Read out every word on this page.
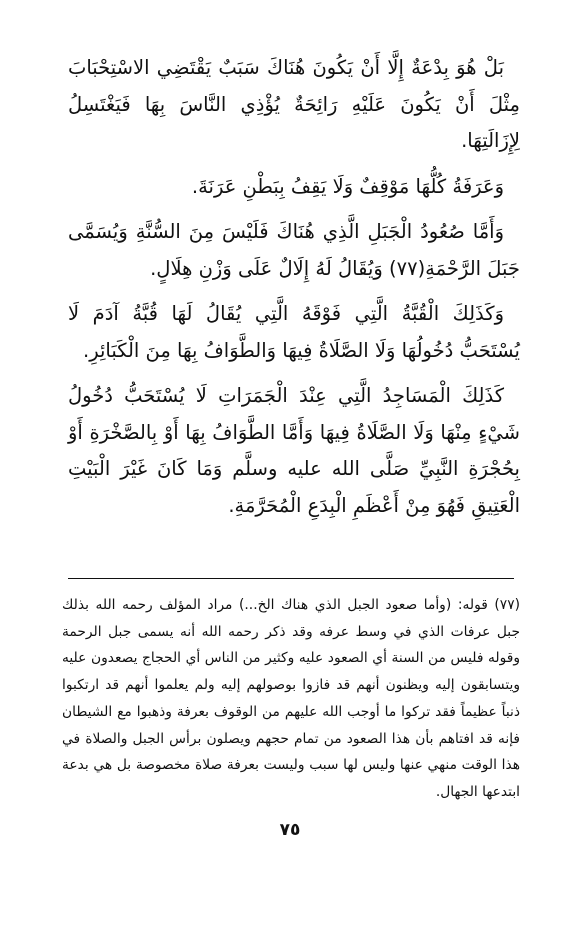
بَلْ هُوَ بِدْعَةٌ إِلَّا أَنْ يَكُونَ هُنَاكَ سَبَبٌ يَقْتَضِي الاسْتِحْبَابَ مِثْلَ أَنْ يَكُونَ عَلَيْهِ رَائِحَةٌ يُؤْذِي النَّاسَ بِهَا فَيَغْتَسِلُ لِإِزَالَتِهَا.

وَعَرَفَةُ كُلُّهَا مَوْقِفٌ وَلَا يَقِفُ بِبَطْنِ عَرَنَةَ.

وَأَمَّا صُعُودُ الْجَبَلِ الَّذِي هُنَاكَ فَلَيْسَ مِنَ السُّنَّةِ وَيُسَمَّى جَبَلَ الرَّحْمَةِ(٧٧) وَيُقَالُ لَهُ إِلَالٌ عَلَى وَزْنِ هِلَالٍ.

وَكَذَلِكَ الْقُبَّةُ الَّتِي فَوْقَهُ الَّتِي يُقَالُ لَهَا قُبَّةُ آدَمَ لَا يُسْتَحَبُّ دُخُولُهَا وَلَا الصَّلَاةُ فِيهَا وَالطَّوَافُ بِهَا مِنَ الْكَبَائِرِ.

كَذَلِكَ الْمَسَاجِدُ الَّتِي عِنْدَ الْجَمَرَاتِ لَا يُسْتَحَبُّ دُخُولُ شَيْءٍ مِنْهَا وَلَا الصَّلَاةُ فِيهَا وَأَمَّا الطَّوَافُ بِهَا أَوْ بِالصَّخْرَةِ أَوْ بِحُجْرَةِ النَّبِيِّ صَلَّى الله عليه وسلَّم وَمَا كَانَ غَيْرَ الْبَيْتِ الْعَتِيقِ فَهُوَ مِنْ أَعْظَمِ الْبِدَعِ الْمُحَرَّمَةِ.

(٧٧) قوله: (وأما صعود الجبل الذي هناك الخ...) مراد المؤلف رحمه الله بذلك جبل عرفات الذي في وسط عرفه وقد ذكر رحمه الله أنه يسمى جبل الرحمة وقوله فليس من السنة أي الصعود عليه وكثير من الناس أي الحجاج يصعدون عليه ويتسابقون إليه ويظنون أنهم قد فازوا بوصولهم إليه ولم يعلموا أنهم قد ارتكبوا ذنباً عظيماً فقد تركوا ما أوجب الله عليهم من الوقوف بعرفة وذهبوا مع الشيطان فإنه قد افتاهم بأن هذا الصعود من تمام حجهم ويصلون برأس الجبل والصلاة في هذا الوقت منهي عنها وليس لها سبب وليست بعرفة صلاة مخصوصة بل هي بدعة ابتدعها الجهال.

٧٥
